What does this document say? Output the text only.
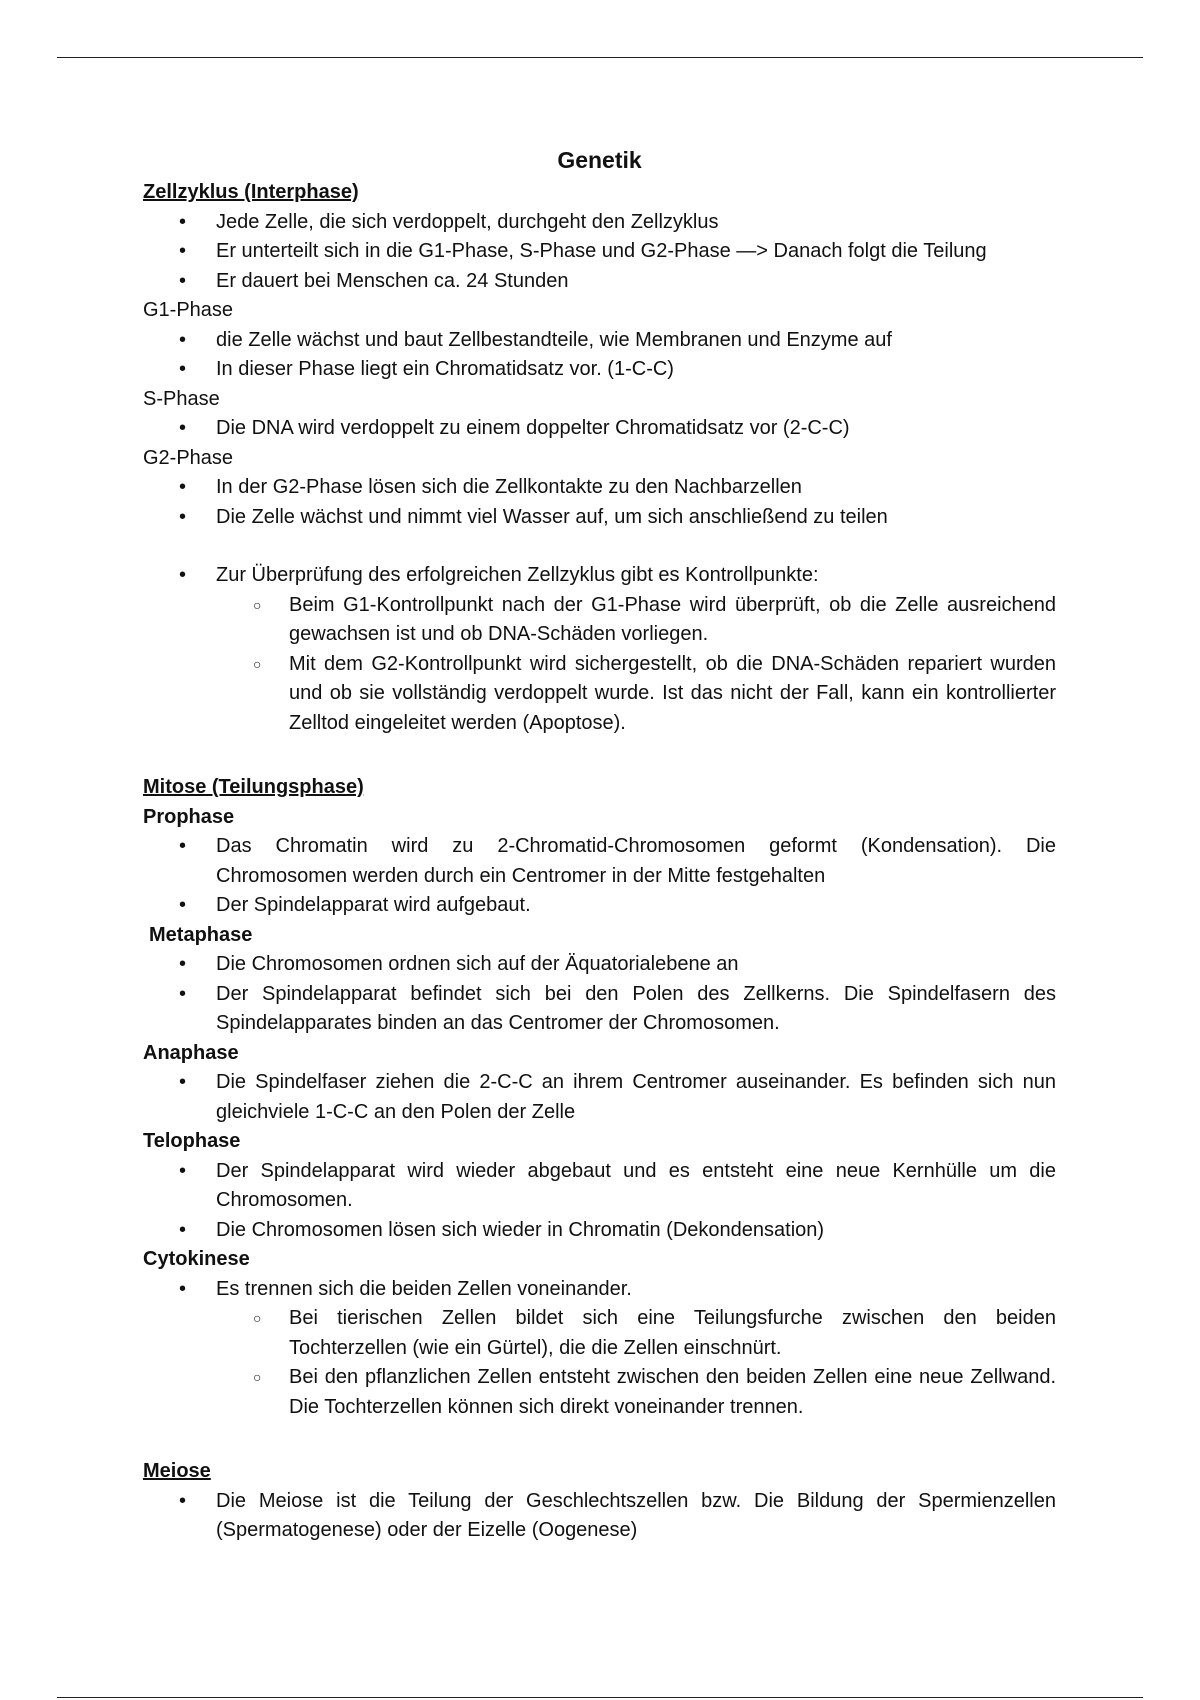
Genetik
Zellzyklus (Interphase)
• Jede Zelle, die sich verdoppelt, durchgeht den Zellzyklus
• Er unterteilt sich in die G1-Phase, S-Phase und G2-Phase —> Danach folgt die Teilung
• Er dauert bei Menschen ca. 24 Stunden
G1-Phase
• die Zelle wächst und baut Zellbestandteile, wie Membranen und Enzyme auf
• In dieser Phase liegt ein Chromatidsatz vor. (1-C-C)
S-Phase
• Die DNA wird verdoppelt zu einem doppelter Chromatidsatz vor (2-C-C)
G2-Phase
• In der G2-Phase lösen sich die Zellkontakte zu den Nachbarzellen
• Die Zelle wächst und nimmt viel Wasser auf, um sich anschließend zu teilen
• Zur Überprüfung des erfolgreichen Zellzyklus gibt es Kontrollpunkte:
○ Beim G1-Kontrollpunkt nach der G1-Phase wird überprüft, ob die Zelle ausreichend gewachsen ist und ob DNA-Schäden vorliegen.
○ Mit dem G2-Kontrollpunkt wird sichergestellt, ob die DNA-Schäden repariert wurden und ob sie vollständig verdoppelt wurde. Ist das nicht der Fall, kann ein kontrollierter Zelltod eingeleitet werden (Apoptose).
Mitose (Teilungsphase)
Prophase
• Das Chromatin wird zu 2-Chromatid-Chromosomen geformt (Kondensation). Die Chromosomen werden durch ein Centromer in der Mitte festgehalten
• Der Spindelapparat wird aufgebaut.
Metaphase
• Die Chromosomen ordnen sich auf der Äquatorialebene an
• Der Spindelapparat befindet sich bei den Polen des Zellkerns. Die Spindelfasern des Spindelapparates binden an das Centromer der Chromosomen.
Anaphase
• Die Spindelfaser ziehen die 2-C-C an ihrem Centromer auseinander. Es befinden sich nun gleichviele 1-C-C an den Polen der Zelle
Telophase
• Der Spindelapparat wird wieder abgebaut und es entsteht eine neue Kernhülle um die Chromosomen.
• Die Chromosomen lösen sich wieder in Chromatin (Dekondensation)
Cytokinese
• Es trennen sich die beiden Zellen voneinander.
○ Bei tierischen Zellen bildet sich eine Teilungsfurche zwischen den beiden Tochterzellen (wie ein Gürtel), die die Zellen einschnürt.
○ Bei den pflanzlichen Zellen entsteht zwischen den beiden Zellen eine neue Zellwand. Die Tochterzellen können sich direkt voneinander trennen.
Meiose
• Die Meiose ist die Teilung der Geschlechtszellen bzw. Die Bildung der Spermienzellen (Spermatogenese) oder der Eizelle (Oogenese)
